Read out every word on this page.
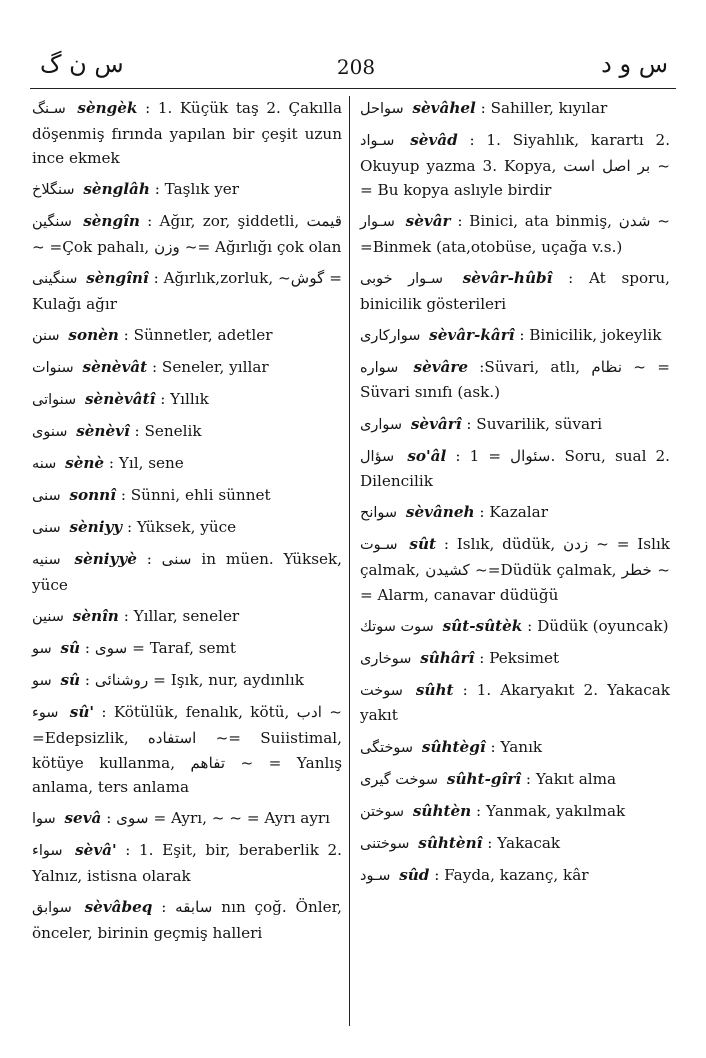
س ن گ	208	س و د
سـنگ sèngèk : 1. Küçük taş 2. Çakılla döşenmiş fırında yapılan bir çeşit uzun ince ekmek
سنگلاخ sènglâh : Taşlık yer
سنگین sèngîn : Ağır, zor, şiddetli, قيمت ~ =Çok pahalı, وزن ~= Ağırlığı çok olan
سنگینی sèngînî : Ağırlık,zorluk, ~گوش = Kulağı ağır
سنن sonèn : Sünnetler, adetler
سنوات sènèvât : Seneler, yıllar
سنواتى sènèvâtî : Yıllık
سنوى sènèvî : Senelik
سنه sènè : Yıl, sene
سنى sonnî : Sünni, ehli sünnet
سنى sèniyy : Yüksek, yüce
سنيه sèniyyè : سنى in müen. Yüksek, yüce
سنين sènîn : Yıllar, seneler
سو sû : سوى = Taraf, semt
سو sû : روشنائى = Işık, nur, aydınlık
سوء sû' : Kötülük, fenalık, kötü, ادب ~ =Edepsizlik, استفاده ~= Suiistimal, kötüye kullanma, تفاهم ~ = Yanlış anlama, ters anlama
سوا sevâ : سوى = Ayrı, ~ ~ = Ayrı ayrı
سواء sèvâ' : 1. Eşit, bir, beraberlik 2. Yalnız, istisna olarak
سوابق sèvâbeq : سابقه nın çoğ. Önler, önceler, birinin geçmiş halleri
سواحل sèvâhel : Sahiller, kıyılar
سـواد sèvâd : 1. Siyahlık, karartı 2. Okuyup yazma 3. Kopya, بر اصل است ~ = Bu kopya aslıyle birdir
سـوار sèvâr : Binici, ata binmiş, شدن ~ =Binmek (ata,otobüse, uçağa v.s.)
سـوار خوبى sèvâr-hûbî : At sporu, binicilik gösterileri
سوارکارى sèvâr-kârî : Binicilik, jokeylik
سواره sèvâre :Süvari, atlı, نظام ~ = Süvari sınıfı (ask.)
سوارى sèvârî : Suvarilik, süvari
سؤال so'âl : سئوال = 1. Soru, sual 2. Dilencilik
سوانح sèvâneh : Kazalar
سـوت sût : Islık, düdük, زدن ~ = Islık çalmak, کشيدن ~=Düdük çalmak, خطر ~ = Alarm, canavar düdüğü
سوت سوتك sût-sûtèk : Düdük (oyuncak)
سوخارى sûhârî : Peksimet
سوخت sûht : 1. Akaryakıt 2. Yakacak yakıt
سوختگى sûhtègî : Yanık
سوخت گيرى sûht-gîrî : Yakıt alma
سوختن sûhtèn : Yanmak, yakılmak
سوختنى sûhtènî : Yakacak
سـود sûd : Fayda, kazanç, kâr
